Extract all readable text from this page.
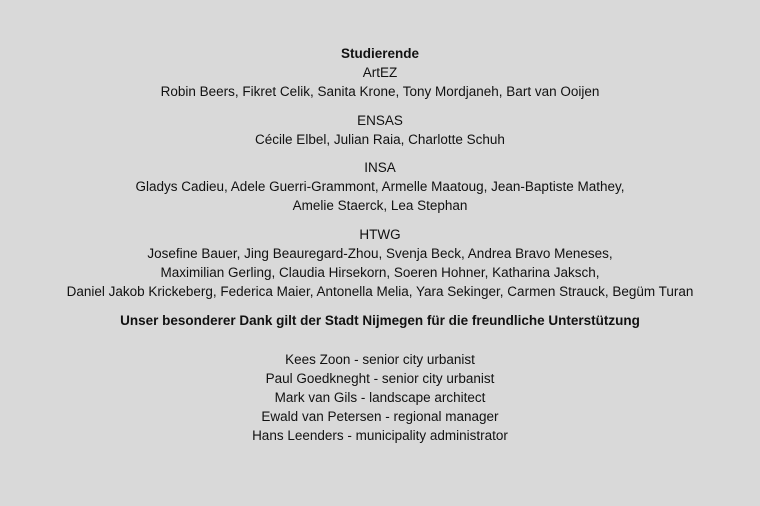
Studierende
ArtEZ
Robin Beers, Fikret Celik, Sanita Krone, Tony Mordjaneh, Bart van Ooijen
ENSAS
Cécile Elbel, Julian Raia, Charlotte Schuh
INSA
Gladys Cadieu, Adele Guerri-Grammont, Armelle Maatoug, Jean-Baptiste Mathey,
Amelie Staerck, Lea Stephan
HTWG
Josefine Bauer, Jing Beauregard-Zhou, Svenja Beck, Andrea Bravo Meneses,
Maximilian Gerling, Claudia Hirsekorn, Soeren Hohner, Katharina Jaksch,
Daniel Jakob Krickeberg, Federica Maier, Antonella Melia, Yara Sekinger, Carmen Strauck, Begüm Turan
Unser besonderer Dank gilt der Stadt Nijmegen für die freundliche Unterstützung
Kees Zoon - senior city urbanist
Paul Goedkneght - senior city urbanist
Mark van Gils - landscape architect
Ewald van Petersen - regional manager
Hans Leenders - municipality administrator
